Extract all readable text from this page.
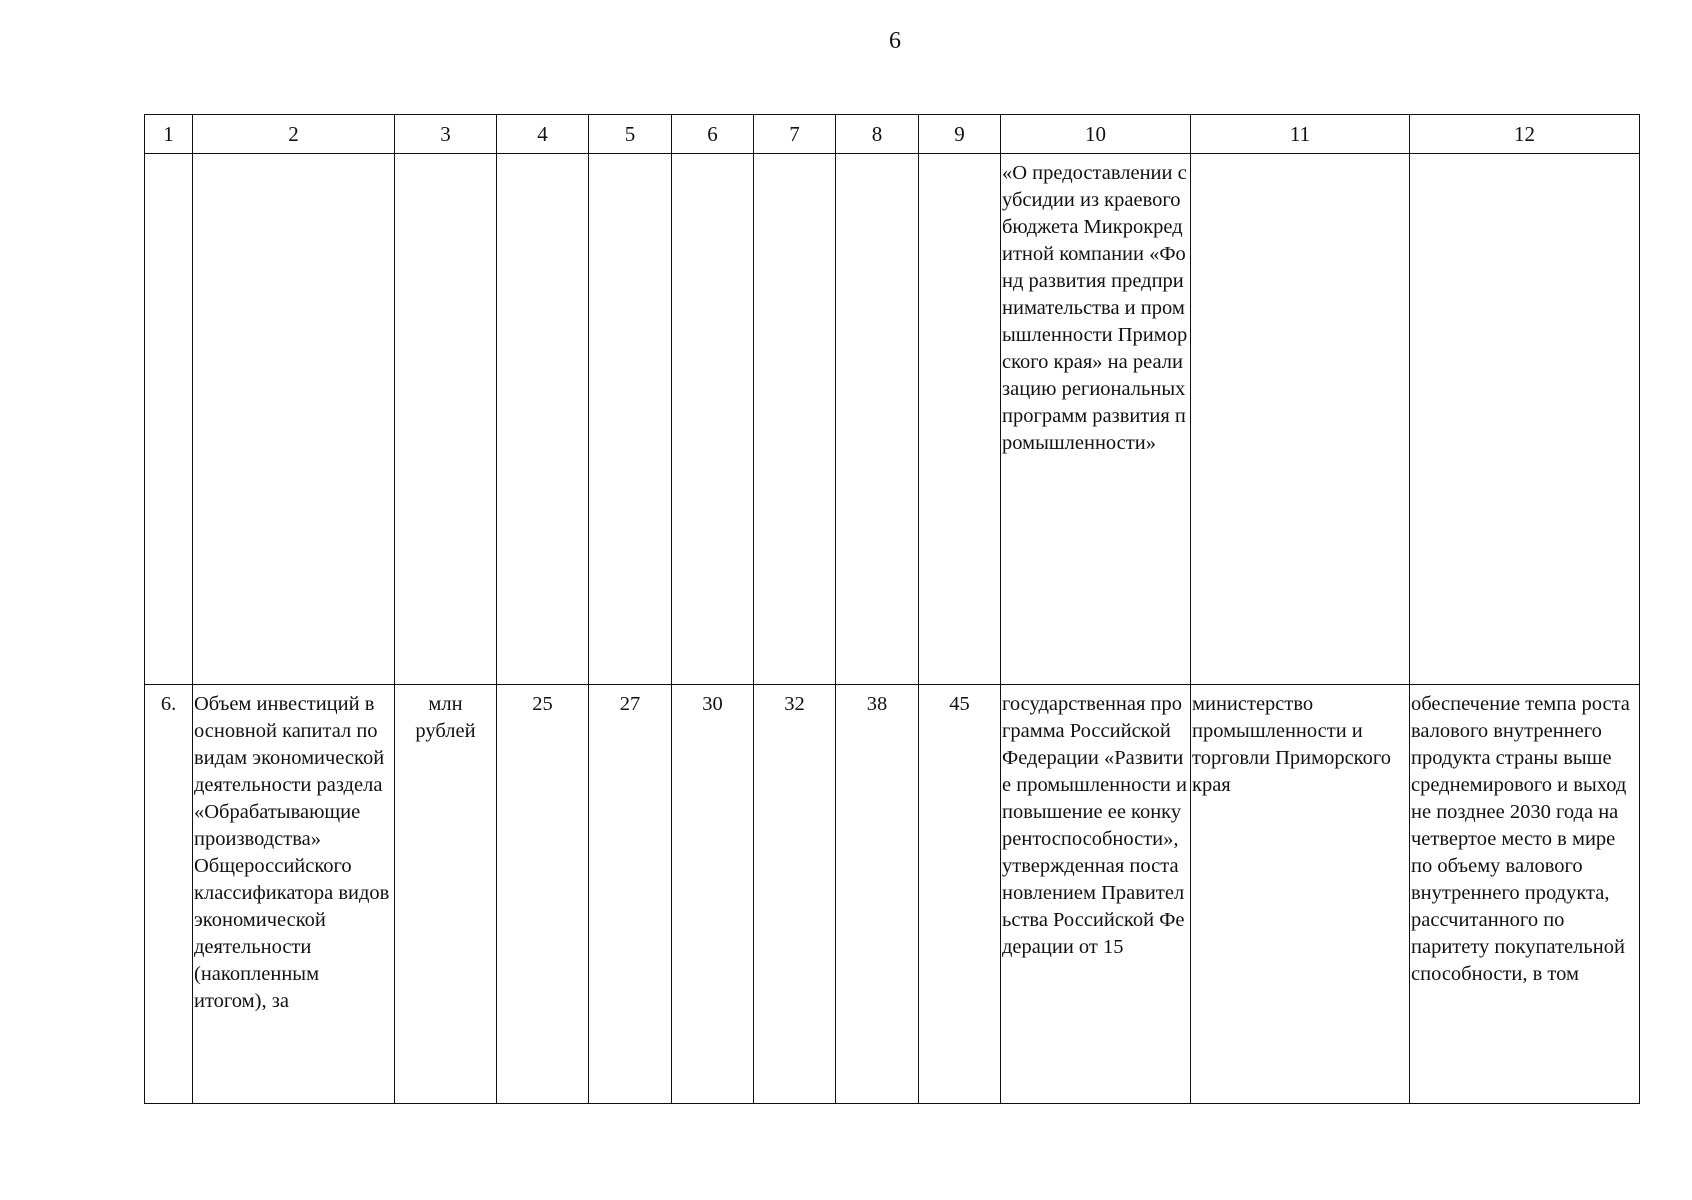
6
1	2	3	4	5	6	7	8	9	10	11	12
									«О предоставлении субсидии из краевого бюджета Микрокредитной компании «Фонд развития предпринимательства и промышленности Приморского края» на реализацию региональных программ развития промышленности»		
6.	Объем инвестиций в основной капитал по видам экономической деятельности раздела «Обрабатывающие производства» Общероссийского классификатора видов экономической деятельности (накопленным итогом), за	млн рублей	25	27	30	32	38	45	государственная программа Российской Федерации «Развитие промышленности и повышение ее конкурентоспособности», утвержденная постановлением Правительства Российской Федерации от 15	министерство промышленности и торговли Приморского края	обеспечение темпа роста валового внутреннего продукта страны выше среднемирового и выход не позднее 2030 года на четвертое место в мире по объему валового внутреннего продукта, рассчитанного по паритету покупательной способности, в том
